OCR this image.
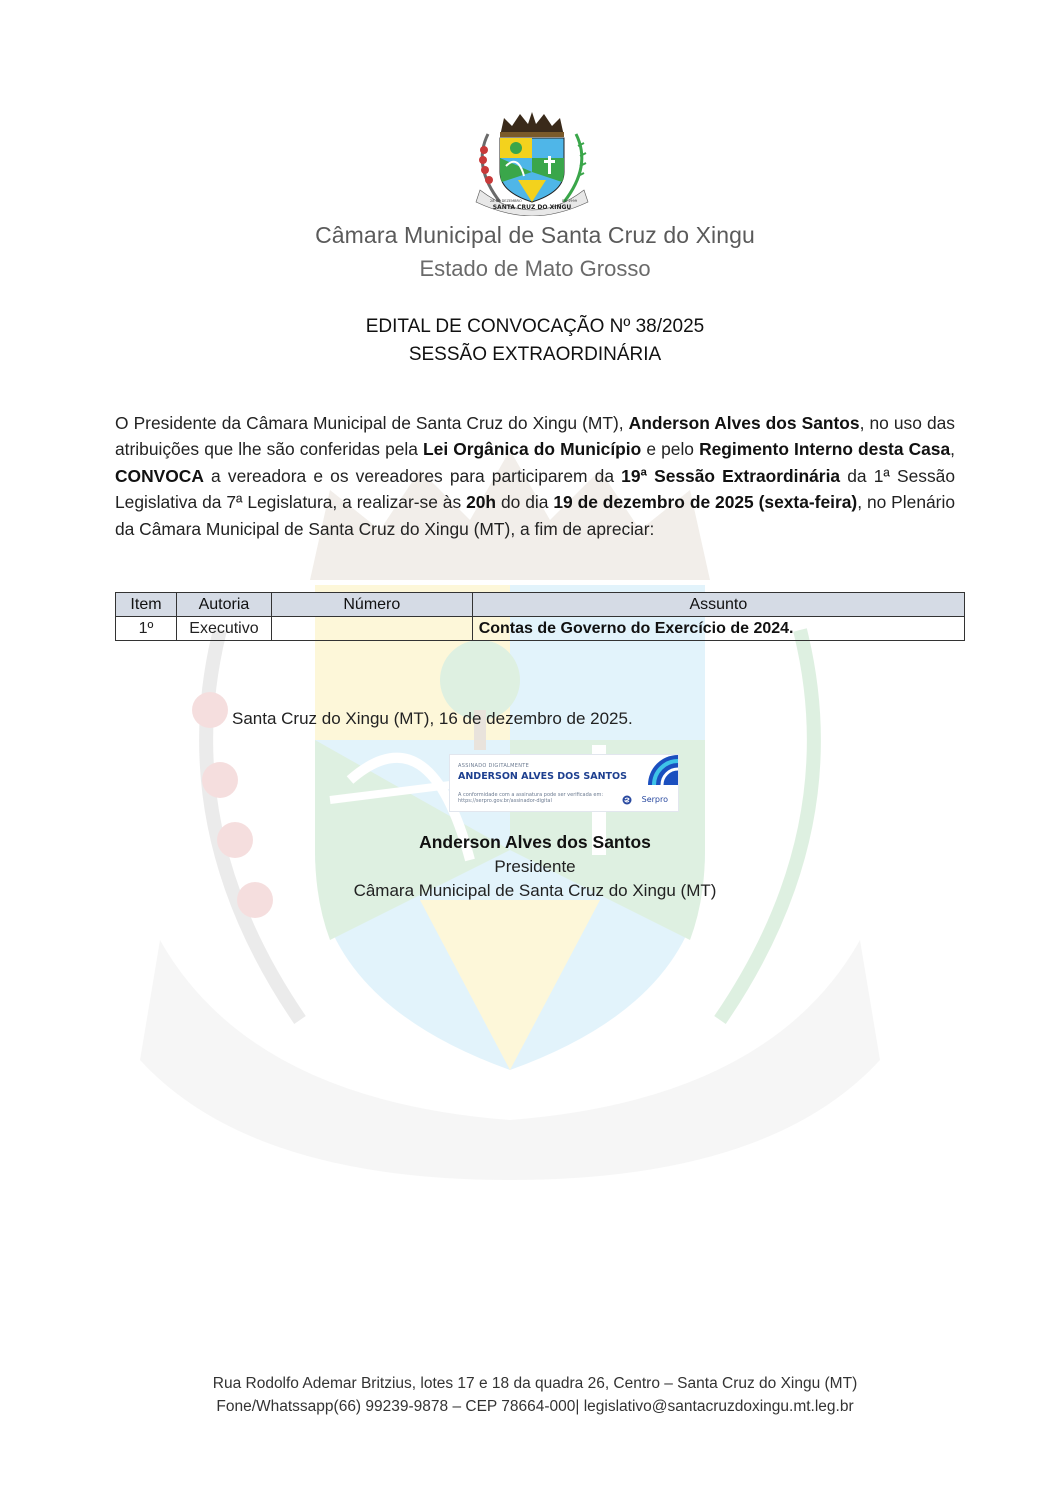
SANTA CRUZ DO XINGU
28 DE DEZEMBRO	DE 1999
Câmara Municipal de Santa Cruz do Xingu
Estado de Mato Grosso
EDITAL DE CONVOCAÇÃO Nº 38/2025
SESSÃO EXTRAORDINÁRIA
O Presidente da Câmara Municipal de Santa Cruz do Xingu (MT), Anderson Alves dos Santos, no uso das atribuições que lhe são conferidas pela Lei Orgânica do Município e pelo Regimento Interno desta Casa, CONVOCA a vereadora e os vereadores para participarem da 19ª Sessão Extraordinária da 1ª Sessão Legislativa da 7ª Legislatura, a realizar-se às 20h do dia 19 de dezembro de 2025 (sexta-feira), no Plenário da Câmara Municipal de Santa Cruz do Xingu (MT), a fim de apreciar:
Item	Autoria	Número	Assunto
1º	Executivo		Contas de Governo do Exercício de 2024.
Santa Cruz do Xingu (MT), 16 de dezembro de 2025.
ASSINADO DIGITALMENTE
ANDERSON ALVES DOS SANTOS
A conformidade com a assinatura pode ser verificada em: https://serpro.gov.br/assinador-digital	Serpro
Anderson Alves dos Santos
Presidente
Câmara Municipal de Santa Cruz do Xingu (MT)
Rua Rodolfo Ademar Britzius, lotes 17 e 18 da quadra 26, Centro – Santa Cruz do Xingu (MT)
Fone/Whatssapp(66) 99239-9878 – CEP 78664-000| legislativo@santacruzdoxingu.mt.leg.br
